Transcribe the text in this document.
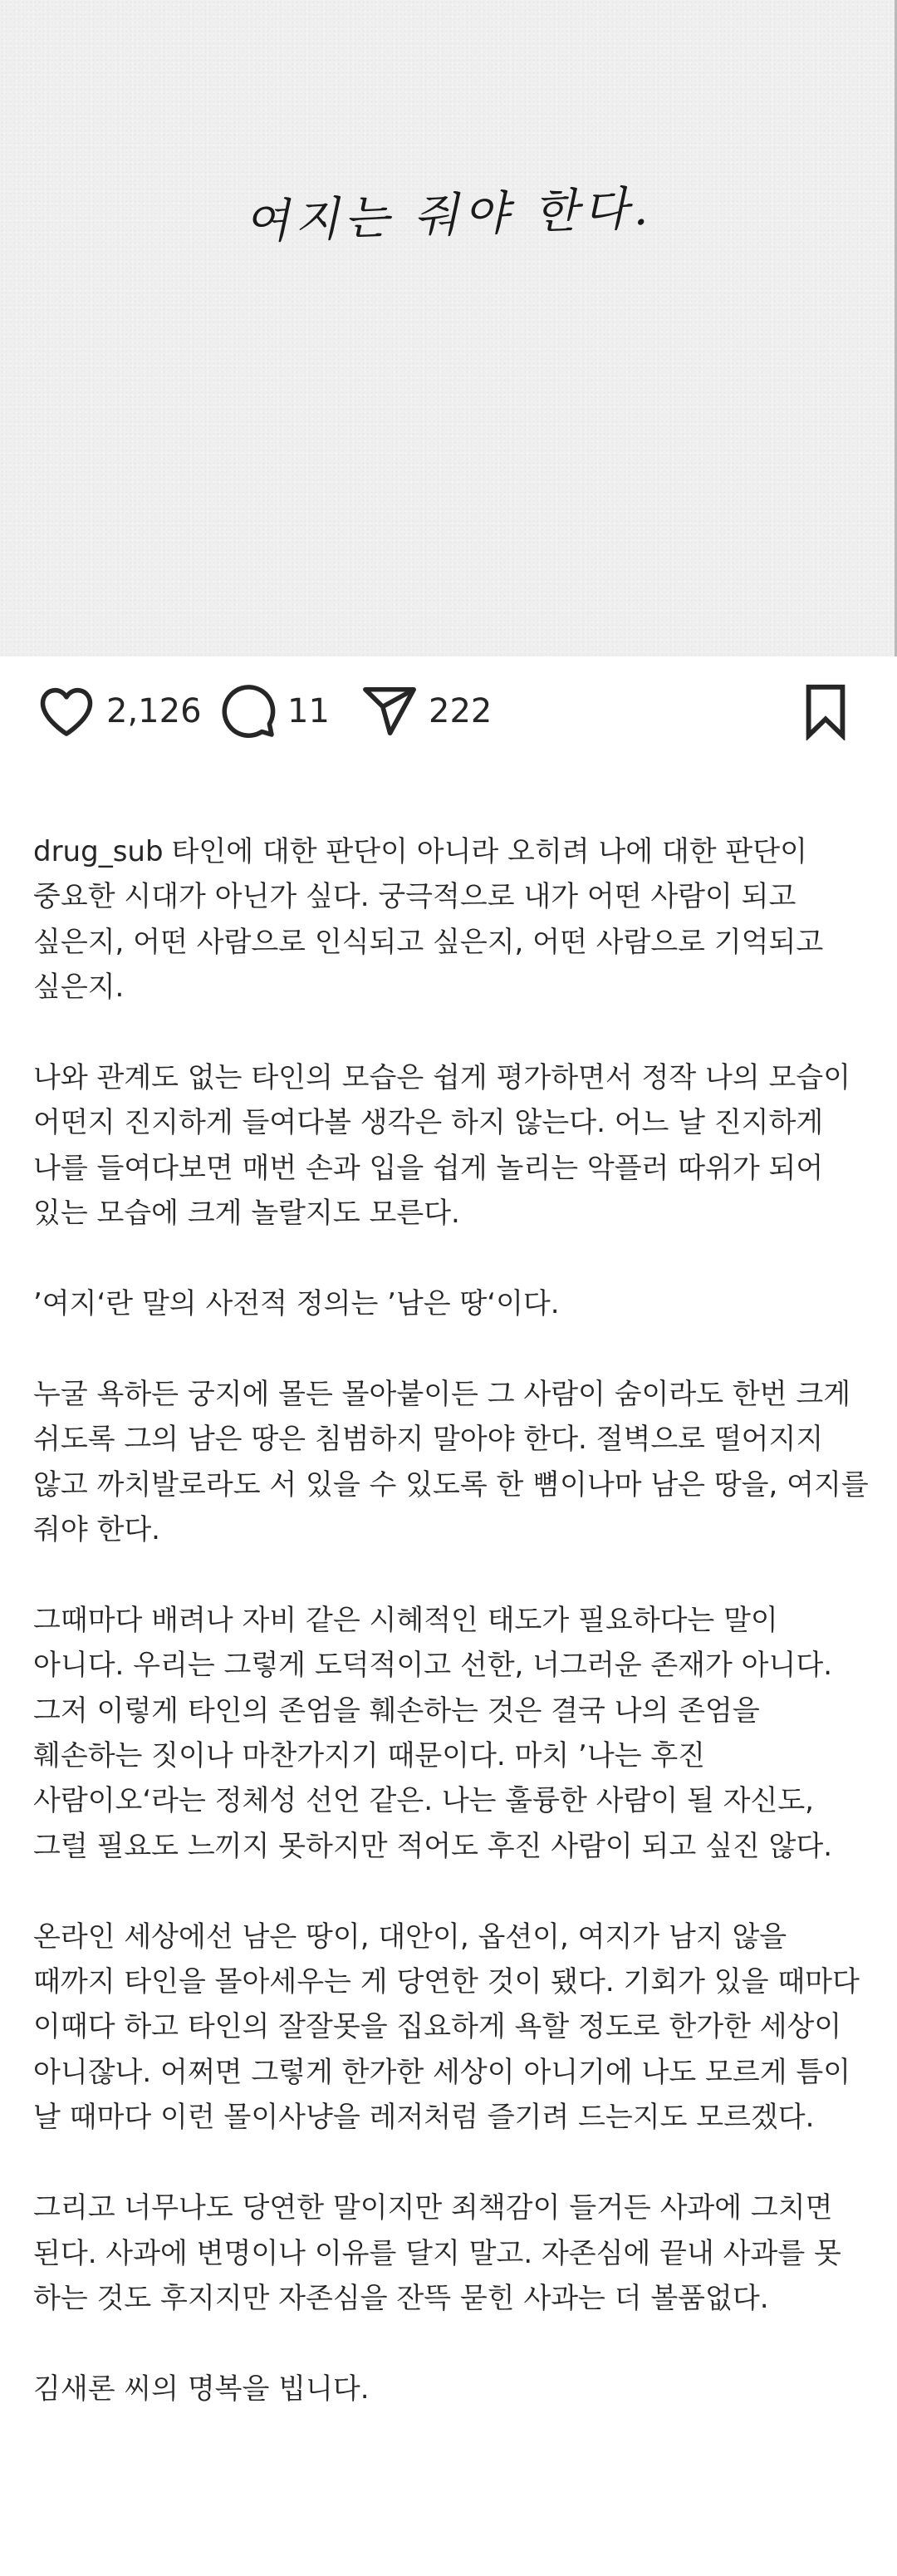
여지는 줘야 한다.
2,126	11	222

drug_sub 타인에 대한 판단이 아니라 오히려 나에 대한 판단이 중요한 시대가 아닌가 싶다. 궁극적으로 내가 어떤 사람이 되고 싶은지, 어떤 사람으로 인식되고 싶은지, 어떤 사람으로 기억되고 싶은지.

나와 관계도 없는 타인의 모습은 쉽게 평가하면서 정작 나의 모습이 어떤지 진지하게 들여다볼 생각은 하지 않는다. 어느 날 진지하게 나를 들여다보면 매번 손과 입을 쉽게 놀리는 악플러 따위가 되어 있는 모습에 크게 놀랄지도 모른다.

’여지‘란 말의 사전적 정의는 ’남은 땅‘이다.

누굴 욕하든 궁지에 몰든 몰아붙이든 그 사람이 숨이라도 한번 크게 쉬도록 그의 남은 땅은 침범하지 말아야 한다. 절벽으로 떨어지지 않고 까치발로라도 서 있을 수 있도록 한 뼘이나마 남은 땅을, 여지를 줘야 한다.

그때마다 배려나 자비 같은 시혜적인 태도가 필요하다는 말이 아니다. 우리는 그렇게 도덕적이고 선한, 너그러운 존재가 아니다. 그저 이렇게 타인의 존엄을 훼손하는 것은 결국 나의 존엄을 훼손하는 짓이나 마찬가지기 때문이다. 마치 ’나는 후진 사람이오‘라는 정체성 선언 같은. 나는 훌륭한 사람이 될 자신도, 그럴 필요도 느끼지 못하지만 적어도 후진 사람이 되고 싶진 않다.

온라인 세상에선 남은 땅이, 대안이, 옵션이, 여지가 남지 않을 때까지 타인을 몰아세우는 게 당연한 것이 됐다. 기회가 있을 때마다 이때다 하고 타인의 잘잘못을 집요하게 욕할 정도로 한가한 세상이 아니잖나. 어쩌면 그렇게 한가한 세상이 아니기에 나도 모르게 틈이 날 때마다 이런 몰이사냥을 레저처럼 즐기려 드는지도 모르겠다.

그리고 너무나도 당연한 말이지만 죄책감이 들거든 사과에 그치면 된다. 사과에 변명이나 이유를 달지 말고. 자존심에 끝내 사과를 못 하는 것도 후지지만 자존심을 잔뜩 묻힌 사과는 더 볼품없다.

김새론 씨의 명복을 빕니다.
